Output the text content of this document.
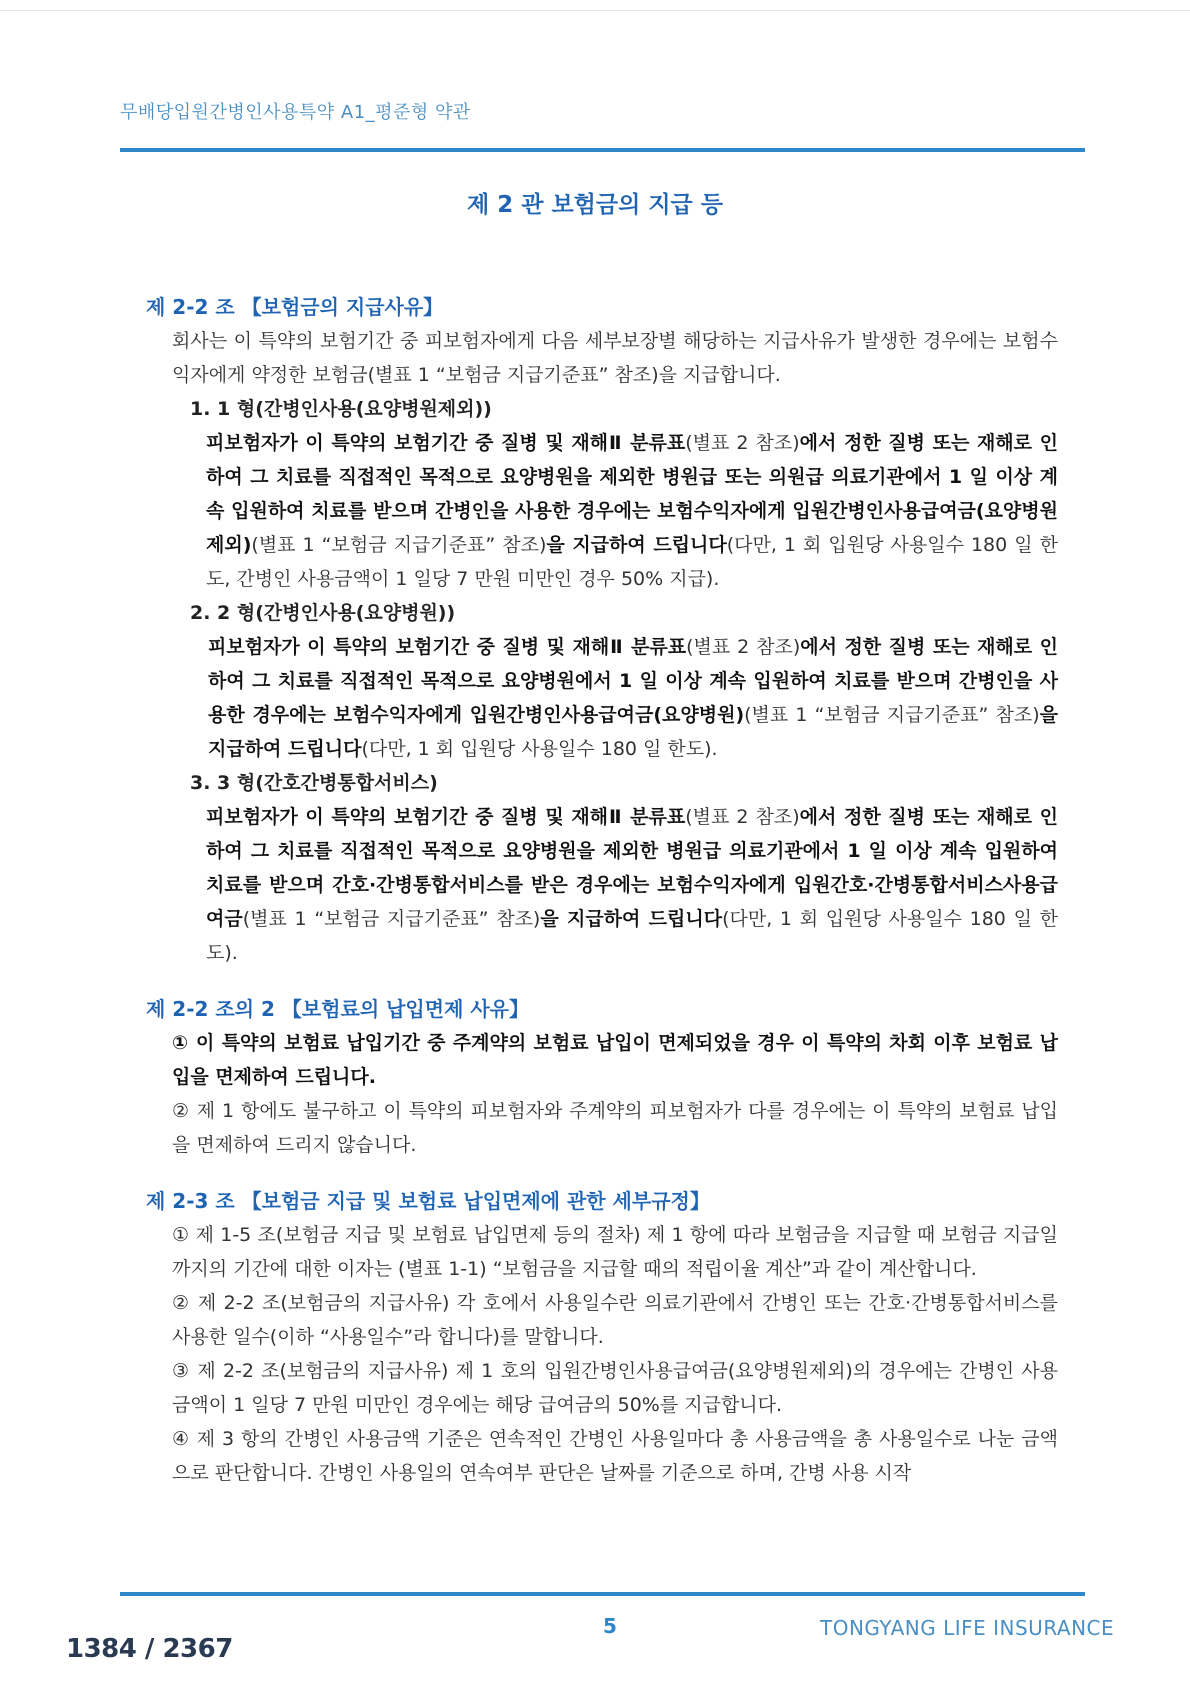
무배당입원간병인사용특약 A1_평준형 약관
제 2 관 보험금의 지급 등
제 2-2 조 【보험금의 지급사유】
회사는 이 특약의 보험기간 중 피보험자에게 다음 세부보장별 해당하는 지급사유가 발생한 경우에는 보험수익자에게 약정한 보험금(별표 1 “보험금 지급기준표” 참조)을 지급합니다.
1. 1 형(간병인사용(요양병원제외))
피보험자가 이 특약의 보험기간 중 질병 및 재해Ⅱ 분류표(별표 2 참조)에서 정한 질병 또는 재해로 인하여 그 치료를 직접적인 목적으로 요양병원을 제외한 병원급 또는 의원급 의료기관에서 1 일 이상 계속 입원하여 치료를 받으며 간병인을 사용한 경우에는 보험수익자에게 입원간병인사용급여금(요양병원제외)(별표 1 “보험금 지급기준표” 참조)을 지급하여 드립니다(다만, 1 회 입원당 사용일수 180 일 한도, 간병인 사용금액이 1 일당 7 만원 미만인 경우 50% 지급).
2. 2 형(간병인사용(요양병원))
피보험자가 이 특약의 보험기간 중 질병 및 재해Ⅱ 분류표(별표 2 참조)에서 정한 질병 또는 재해로 인하여 그 치료를 직접적인 목적으로 요양병원에서 1 일 이상 계속 입원하여 치료를 받으며 간병인을 사용한 경우에는 보험수익자에게 입원간병인사용급여금(요양병원)(별표 1 “보험금 지급기준표” 참조)을 지급하여 드립니다(다만, 1 회 입원당 사용일수 180 일 한도).
3. 3 형(간호간병통합서비스)
피보험자가 이 특약의 보험기간 중 질병 및 재해Ⅱ 분류표(별표 2 참조)에서 정한 질병 또는 재해로 인하여 그 치료를 직접적인 목적으로 요양병원을 제외한 병원급 의료기관에서 1 일 이상 계속 입원하여 치료를 받으며 간호·간병통합서비스를 받은 경우에는 보험수익자에게 입원간호·간병통합서비스사용급여금(별표 1 “보험금 지급기준표” 참조)을 지급하여 드립니다(다만, 1 회 입원당 사용일수 180 일 한도).
제 2-2 조의 2 【보험료의 납입면제 사유】
① 이 특약의 보험료 납입기간 중 주계약의 보험료 납입이 면제되었을 경우 이 특약의 차회 이후 보험료 납입을 면제하여 드립니다.
② 제 1 항에도 불구하고 이 특약의 피보험자와 주계약의 피보험자가 다를 경우에는 이 특약의 보험료 납입을 면제하여 드리지 않습니다.
제 2-3 조 【보험금 지급 및 보험료 납입면제에 관한 세부규정】
① 제 1-5 조(보험금 지급 및 보험료 납입면제 등의 절차) 제 1 항에 따라 보험금을 지급할 때 보험금 지급일까지의 기간에 대한 이자는 (별표 1-1) “보험금을 지급할 때의 적립이율 계산”과 같이 계산합니다.
② 제 2-2 조(보험금의 지급사유) 각 호에서 사용일수란 의료기관에서 간병인 또는 간호·간병통합서비스를 사용한 일수(이하 “사용일수”라 합니다)를 말합니다.
③ 제 2-2 조(보험금의 지급사유) 제 1 호의 입원간병인사용급여금(요양병원제외)의 경우에는 간병인 사용금액이 1 일당 7 만원 미만인 경우에는 해당 급여금의 50%를 지급합니다.
④ 제 3 항의 간병인 사용금액 기준은 연속적인 간병인 사용일마다 총 사용금액을 총 사용일수로 나눈 금액으로 판단합니다. 간병인 사용일의 연속여부 판단은 날짜를 기준으로 하며, 간병 사용 시작
5	TONGYANG LIFE INSURANCE
1384 / 2367
